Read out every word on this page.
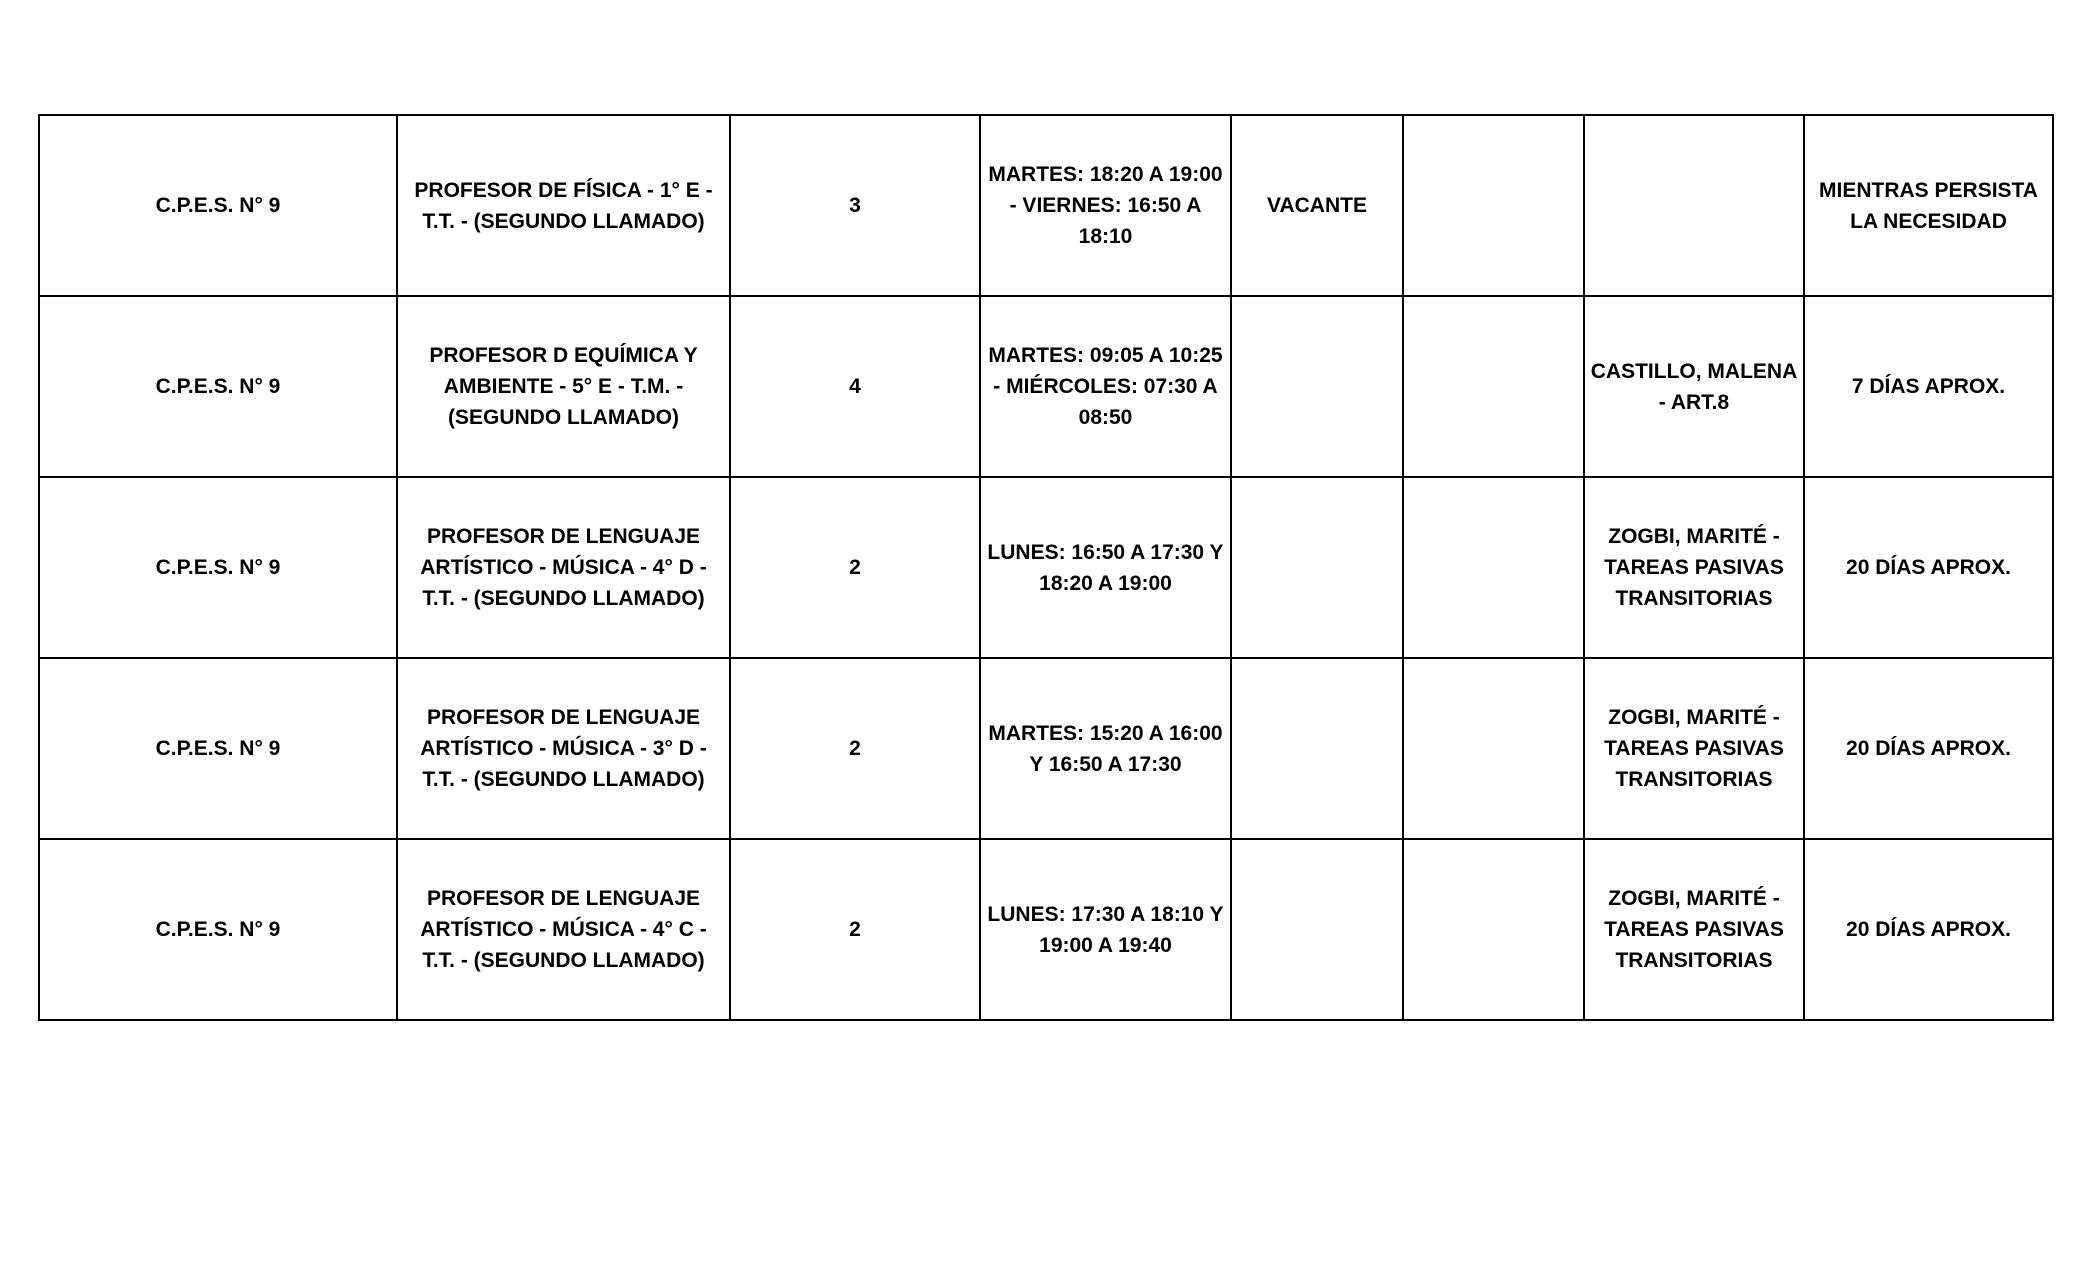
C.P.E.S. N° 9	PROFESOR DE FÍSICA - 1° E - T.T. - (SEGUNDO LLAMADO)	3	MARTES: 18:20 A 19:00 - VIERNES: 16:50 A 18:10	VACANTE			MIENTRAS PERSISTA LA NECESIDAD
C.P.E.S. N° 9	PROFESOR D EQUÍMICA Y AMBIENTE - 5° E - T.M. - (SEGUNDO LLAMADO)	4	MARTES: 09:05 A 10:25 - MIÉRCOLES: 07:30 A 08:50			CASTILLO, MALENA - ART.8	7 DÍAS APROX.
C.P.E.S. N° 9	PROFESOR DE LENGUAJE ARTÍSTICO - MÚSICA - 4° D - T.T. - (SEGUNDO LLAMADO)	2	LUNES: 16:50 A 17:30 Y 18:20 A 19:00			ZOGBI, MARITÉ - TAREAS PASIVAS TRANSITORIAS	20 DÍAS APROX.
C.P.E.S. N° 9	PROFESOR DE LENGUAJE ARTÍSTICO - MÚSICA - 3° D - T.T. - (SEGUNDO LLAMADO)	2	MARTES: 15:20 A 16:00 Y 16:50 A 17:30			ZOGBI, MARITÉ - TAREAS PASIVAS TRANSITORIAS	20 DÍAS APROX.
C.P.E.S. N° 9	PROFESOR DE LENGUAJE ARTÍSTICO - MÚSICA - 4° C - T.T. - (SEGUNDO LLAMADO)	2	LUNES: 17:30 A 18:10 Y 19:00 A 19:40			ZOGBI, MARITÉ - TAREAS PASIVAS TRANSITORIAS	20 DÍAS APROX.
